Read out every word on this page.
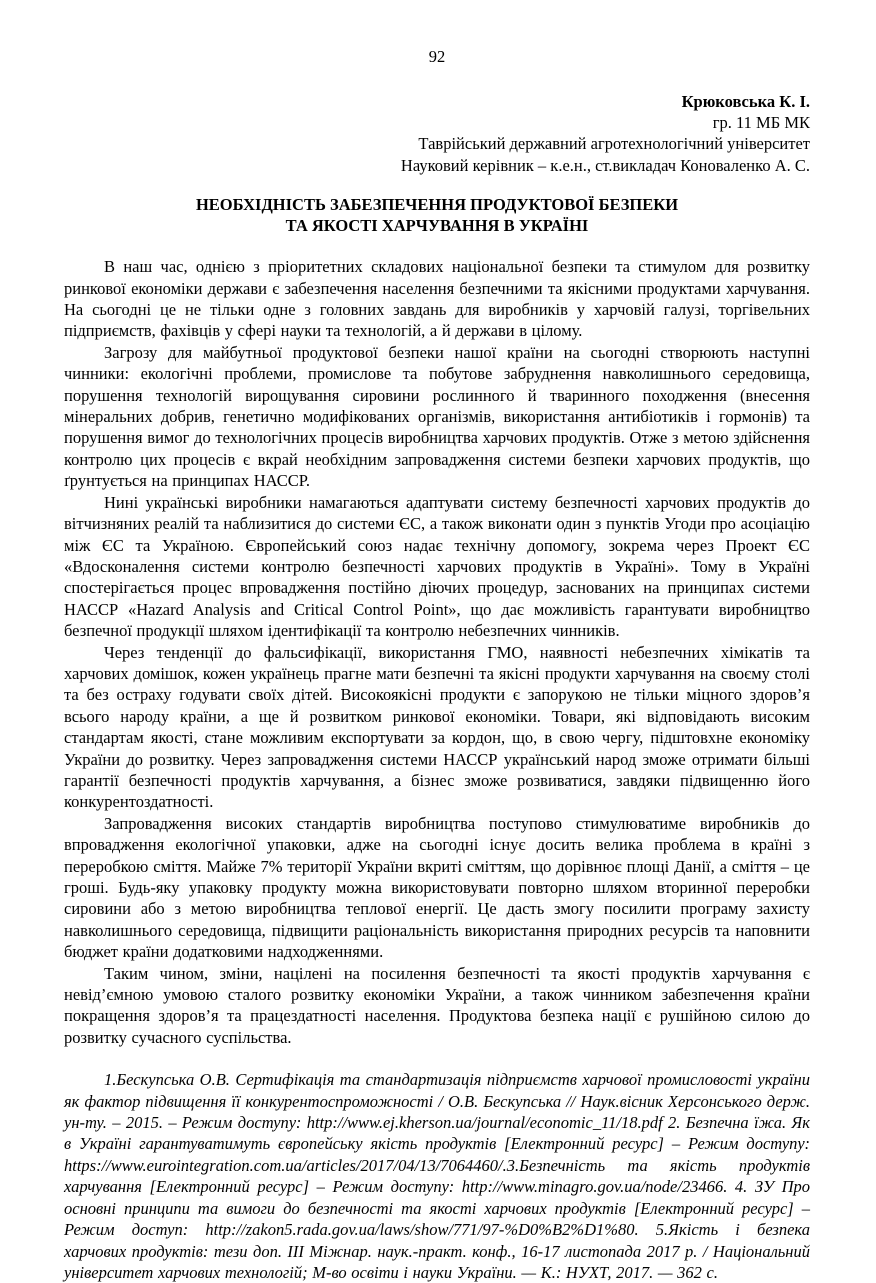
92
Крюковська К. І.
гр. 11 МБ МК
Таврійський державний агротехнологічний університет
Науковий керівник – к.е.н., ст.викладач Коноваленко А. С.
НЕОБХІДНІСТЬ ЗАБЕЗПЕЧЕННЯ ПРОДУКТОВОЇ БЕЗПЕКИ
ТА ЯКОСТІ ХАРЧУВАННЯ В УКРАЇНІ

В наш час, однією з пріоритетних складових національної безпеки та стимулом для розвитку ринкової економіки держави є забезпечення населення безпечними та якісними продуктами харчування. На сьогодні це не тільки одне з головних завдань для виробників у харчовій галузі, торгівельних підприємств, фахівців у сфері науки та технологій, а й держави в цілому.

Загрозу для майбутньої продуктової безпеки нашої країни на сьогодні створюють наступні чинники: екологічні проблеми, промислове та побутове забруднення навколишнього середовища, порушення технологій вирощування сировини рослинного й тваринного походження (внесення мінеральних добрив, генетично модифікованих організмів, використання антибіотиків і гормонів) та порушення вимог до технологічних процесів виробництва харчових продуктів. Отже з метою здійснення контролю цих процесів є вкрай необхідним запровадження системи безпеки харчових продуктів, що ґрунтується на принципах НАССР.

Нині українські виробники намагаються адаптувати систему безпечності харчових продуктів до вітчизняних реалій та наблизитися до системи ЄС, а також виконати один з пунктів Угоди про асоціацію між ЄС та Україною. Європейський союз надає технічну допомогу, зокрема через Проект ЄС «Вдосконалення системи контролю безпечності харчових продуктів в Україні». Тому в Україні спостерігається процес впровадження постійно діючих процедур, заснованих на принципах системи НАССР «Hazard Analysis and Critical Control Point», що дає можливість гарантувати виробництво безпечної продукції шляхом ідентифікації та контролю небезпечних чинників.

Через тенденції до фальсифікації, використання ГМО, наявності небезпечних хімікатів та харчових домішок, кожен українець прагне мати безпечні та якісні продукти харчування на своєму столі та без остраху годувати своїх дітей. Високоякісні продукти є запорукою не тільки міцного здоров’я всього народу країни, а ще й розвитком ринкової економіки. Товари, які відповідають високим стандартам якості, стане можливим експортувати за кордон, що, в свою чергу, підштовхне економіку України до розвитку. Через запровадження системи НАССР український народ зможе отримати більші гарантії безпечності продуктів харчування, а бізнес зможе розвиватися, завдяки підвищенню його конкурентоздатності.

Запровадження високих стандартів виробництва поступово стимулюватиме виробників до впровадження екологічної упаковки, адже на сьогодні існує досить велика проблема в країні з переробкою сміття. Майже 7% території України вкриті сміттям, що дорівнює площі Данії, а сміття – це гроші. Будь-яку упаковку продукту можна використовувати повторно шляхом вторинної переробки сировини або з метою виробництва теплової енергії. Це дасть змогу посилити програму захисту навколишнього середовища, підвищити раціональність використання природних ресурсів та наповнити бюджет країни додатковими надходженнями.

Таким чином, зміни, націлені на посилення безпечності та якості продуктів харчування є невід’ємною умовою сталого розвитку економіки України, а також чинником забезпечення країни покращення здоров’я та працездатності населення. Продуктова безпека нації є рушійною силою до розвитку сучасного суспільства.

1.Бескупська О.В. Сертифікація та стандартизація підприємств харчової промисловості україни як фактор підвищення її конкурентоспроможності / О.В. Бескупська // Наук.вісник Херсонського держ. ун-ту. – 2015. – Режим доступу: http://www.ej.kherson.ua/journal/economic_11/18.pdf 2. Безпечна їжа. Як в Україні гарантуватимуть європейську якість продуктів [Електронний ресурс] – Режим доступу: https://www.eurointegration.com.ua/articles/2017/04/13/7064460/.3.Безпечність та якість продуктів харчування [Електронний ресурс] – Режим доступу: http://www.minagro.gov.ua/node/23466. 4. ЗУ Про основні принципи та вимоги до безпечності та якості харчових продуктів [Електронний ресурс] – Режим доступ: http://zakon5.rada.gov.ua/laws/show/771/97-%D0%B2%D1%80. 5.Якість і безпека харчових продуктів: тези доп. ІІІ Міжнар. наук.-практ. конф., 16-17 листопада 2017 р. / Національний університет харчових технологій; М-во освіти і науки України. — К.: НУХТ, 2017. — 362 с.
